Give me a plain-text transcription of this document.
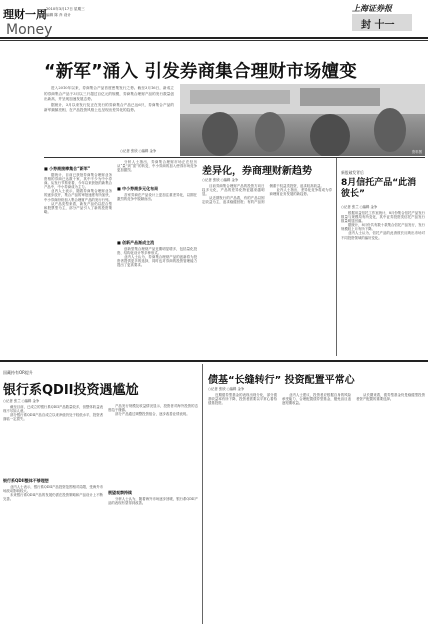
理财一周
Money
2010年3月17日 星期三
编辑 陈 肖 设计
上海证券报
封 十一
“新军”涌入 引发券商集合理财市场嬗变

进入2010年以来，券商集合产品首度密集发行之势。截至3月16日，新成立的券商集合产品于3月以三只超过百亿元的规模，券商集合理财产品的发行数量创出新高，并呈现加速发展态势。

据统计，3月以来发行及正在发行的券商集合产品已达6只，券商集合产品的新军频频亮相，在产品投资风格上也呈现出差异化的趋势。

○记者 张欣 ○编辑 金争	资料图
■ 小券商接棒集合“新军”

据统计，目前已获批券商集合理财业务资格的券商已达数十家，其中不少为中小券商。从发行节奏来看，今年以来获批的新集合产品中，中小券商成为主力。

业内人士表示，随着券商集合理财业务的逐步放开，集合产品的审批速度有所加快，中小券商纷纷加入集合理财产品的发行行列。

从产品类型来看，新发产品仍以混合型和股票型为主，部分产品引入了新的投资策略。

分析人士指出，券商集合理财市场正在经历从“量”到“质”的转变，中小券商的加入使得市场竞争更加激烈。

■ 中小券商多元化布局

各家券商在产品设计上更加注重差异化，以期在激烈的竞争中脱颖而出。

■ 创新产品渐成主流

创新型集合理财产品近期明显增多，包括量化投资、结构化设计等多种形式。

业内人士认为，券商集合理财产品的创新将为投资者提供更多的选择，同时也对券商的投资管理能力提出了更高要求。

差异化，券商理财新趋势
○记者 张欣 ○编辑 金争

目前券商集合理财产品的投资方向日趋多元化，产品的差异化特征越来越明显。

从近期发行的产品看，有的产品以固定收益为主，追求稳健回报；有的产品则侧重于权益类投资，追求较高收益。

业内人士指出，差异化竞争将成为券商理财业务发展的新趋势。

新股破发背后
8月信托产品“此消彼长”
○记者 张兰 ○编辑 金争

根据用益信托工作室统计，8月份集合信托产品发行数量与规模均有所变化，其中证券投资类信托产品发行数量明显回落。

据统计，8月份共有数十款集合信托产品发行，发行规模较上月有所下降。

业内人士认为，信托产品的此消彼长反映出市场对不同投资领域的偏好变化。

国藏持有OR提升
银行系QDII投资遇尴尬
○记者 张兰 ○编辑 金争

截至目前，已成立的银行系QDII产品数量较多，但整体收益表现不尽如人意。

部分银行系QDII产品自成立以来净值仍处于较低水平，投资者面临一定损失。

银行系QDII整体不够理想

业内人士表示，银行系QDII产品投资范围相对局限，受海外市场波动影响较大。

未来银行系QDII产品的发展仍需在投资策略和产品设计上不断完善。

产品发行规模及收益情况显示，投资者对海外投资的态度趋于谨慎。

部分产品通过调整投资组合，逐步改善业绩表现。

展望观察持续

分析人士认为，随着海外市场逐步回暖，银行系QDII产品的表现有望得到改善。

债基“长缝转行” 投资配置平常心
○记者 张欣 ○编辑 金争

近期债券型基金的表现出现分化，部分债基收益率有所下降，投资者需要以平常心看待债基投资。

业内人士建议，投资者应根据自身的风险承受能力，合理配置债券型基金，避免盲目追逐短期收益。

从长期来看，债券型基金仍是稳健型投资者资产配置的重要选择。
